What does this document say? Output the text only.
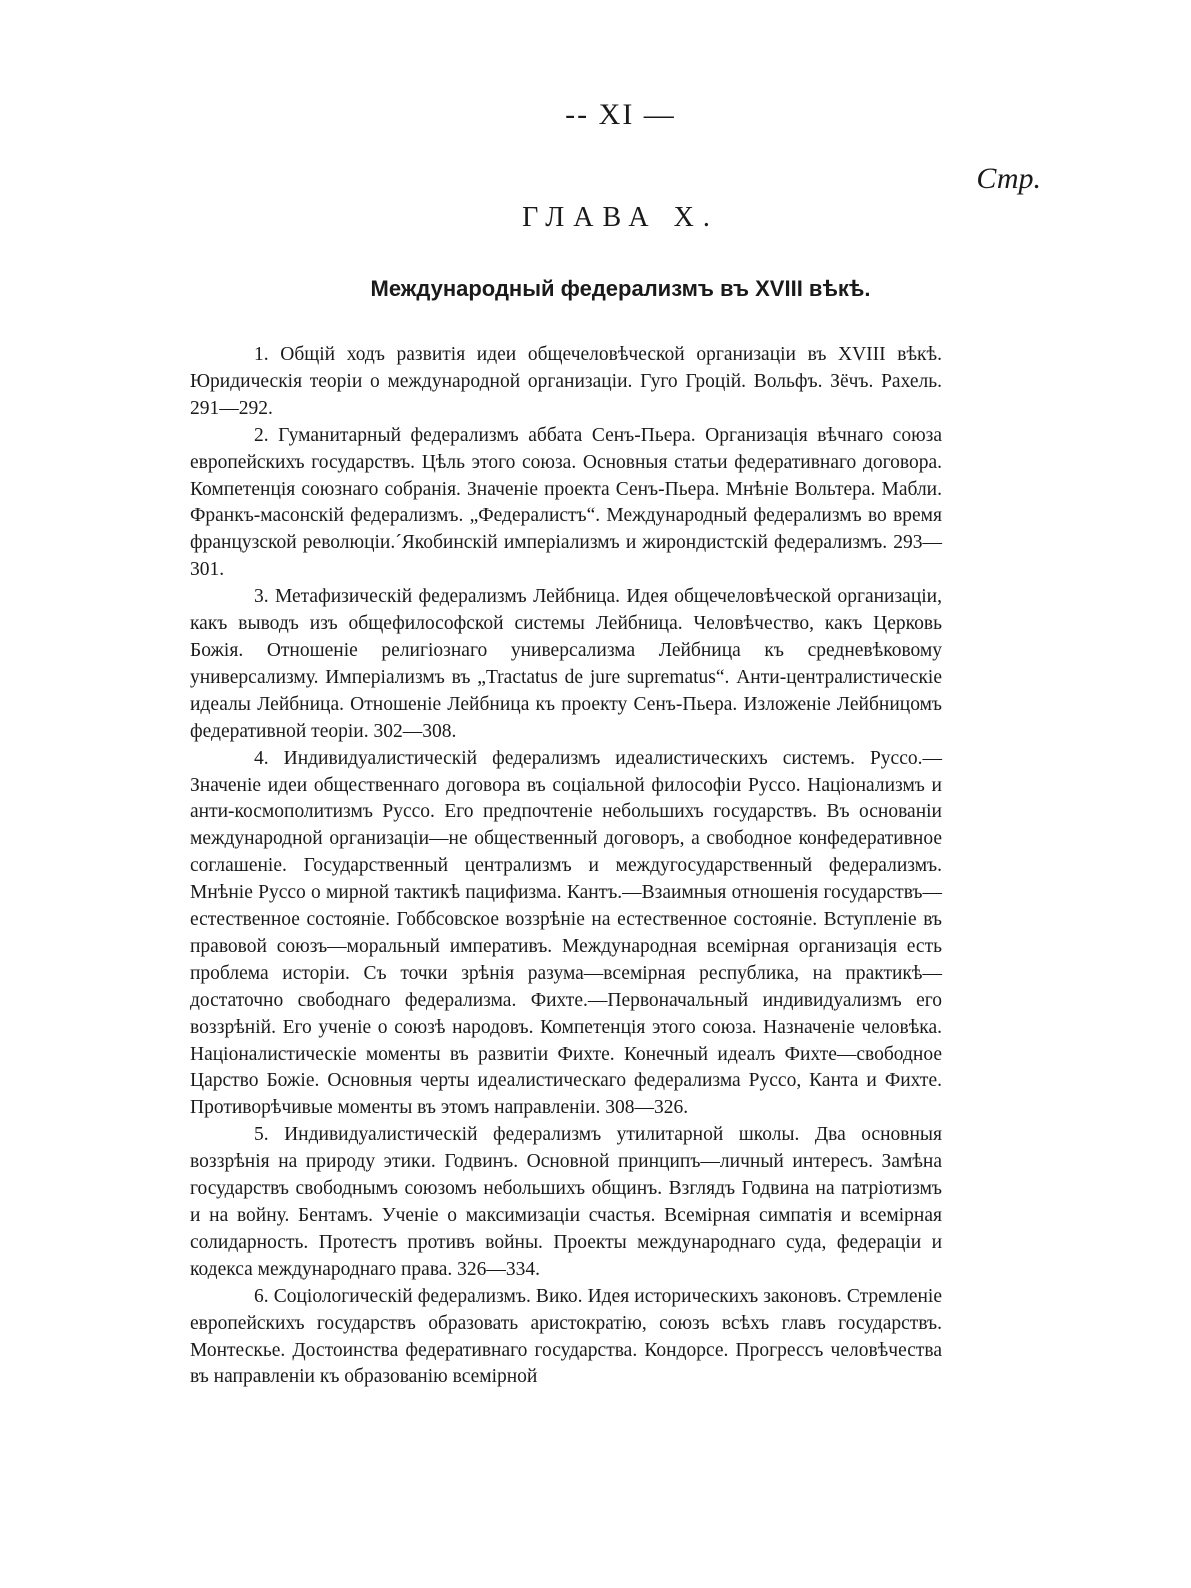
-- XI —
Стр.
ГЛАВА X.
Международный федерализмъ въ XVIII вѣкѣ.

1. Общій ходъ развитія идеи общечеловѣческой организаціи въ XVIII вѣкѣ. Юридическія теоріи о международной организаціи. Гуго Гроцій. Вольфъ. Зёчъ. Рахель. 291—292.

2. Гуманитарный федерализмъ аббата Сенъ-Пьера. Организація вѣчнаго союза европейскихъ государствъ. Цѣль этого союза. Основныя статьи федеративнаго договора. Компетенція союзнаго собранія. Значеніе проекта Сенъ-Пьера. Мнѣніе Вольтера. Мабли. Франкъ-масонскій федерализмъ. „Федералистъ“. Международный федерализмъ во время французской революціи.´Якобинскій имперіализмъ и жирондистскій федерализмъ. 293—301.

3. Метафизическій федерализмъ Лейбница. Идея общечеловѣческой организаціи, какъ выводъ изъ общефилософской системы Лейбница. Человѣчество, какъ Церковь Божія. Отношеніе религіознаго универсализма Лейбница къ средневѣковому универсализму. Имперіализмъ въ „Tractatus de jure suprematus“. Анти-централистическіе идеалы Лейбница. Отношеніе Лейбница къ проекту Сенъ-Пьера. Изложеніе Лейбницомъ федеративной теоріи. 302—308.

4. Индивидуалистическій федерализмъ идеалистическихъ системъ. Руссо.—Значеніе идеи общественнаго договора въ соціальной философіи Руссо. Націонализмъ и анти-космополитизмъ Руссо. Его предпочтеніе небольшихъ государствъ. Въ основаніи международной организаціи—не общественный договоръ, а свободное конфедеративное соглашеніе. Государственный централизмъ и междугосударственный федерализмъ. Мнѣніе Руссо о мирной тактикѣ пацифизма. Кантъ.—Взаимныя отношенія государствъ—естественное состояніе. Гоббсовское воззрѣніе на естественное состояніе. Вступленіе въ правовой союзъ—моральный императивъ. Международная всемірная организація есть проблема исторіи. Съ точки зрѣнія разума—всемірная республика, на практикѣ—достаточно свободнаго федерализма. Фихте.—Первоначальный индивидуализмъ его воззрѣній. Его ученіе о союзѣ народовъ. Компетенція этого союза. Назначеніе человѣка. Націоналистическіе моменты въ развитіи Фихте. Конечный идеалъ Фихте—свободное Царство Божіе. Основныя черты идеалистическаго федерализма Руссо, Канта и Фихте. Противорѣчивые моменты въ этомъ направленіи. 308—326.

5. Индивидуалистическій федерализмъ утилитарной школы. Два основныя воззрѣнія на природу этики. Годвинъ. Основной принципъ—личный интересъ. Замѣна государствъ свободнымъ союзомъ небольшихъ общинъ. Взглядъ Годвина на патріотизмъ и на войну. Бентамъ. Ученіе о максимизаціи счастья. Всемірная симпатія и всемірная солидарность. Протестъ противъ войны. Проекты международнаго суда, федераціи и кодекса международнаго права. 326—334.

6. Соціологическій федерализмъ. Вико. Идея историческихъ законовъ. Стремленіе европейскихъ государствъ образовать аристократію, союзъ всѣхъ главъ государствъ. Монтескье. Достоинства федеративнаго государства. Кондорсе. Прогрессъ человѣчества въ направленіи къ образованію всемірной
